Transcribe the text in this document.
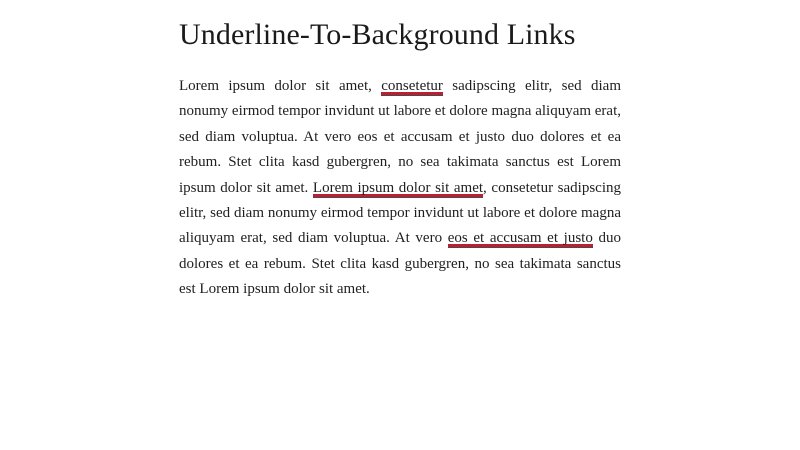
Underline-To-Background Links

Lorem ipsum dolor sit amet, consetetur sadipscing elitr, sed diam nonumy eirmod tempor invidunt ut labore et dolore magna aliquyam erat, sed diam voluptua. At vero eos et accusam et justo duo dolores et ea rebum. Stet clita kasd gubergren, no sea takimata sanctus est Lorem ipsum dolor sit amet. Lorem ipsum dolor sit amet, consetetur sadipscing elitr, sed diam nonumy eirmod tempor invidunt ut labore et dolore magna aliquyam erat, sed diam voluptua. At vero eos et accusam et justo duo dolores et ea rebum. Stet clita kasd gubergren, no sea takimata sanctus est Lorem ipsum dolor sit amet.
